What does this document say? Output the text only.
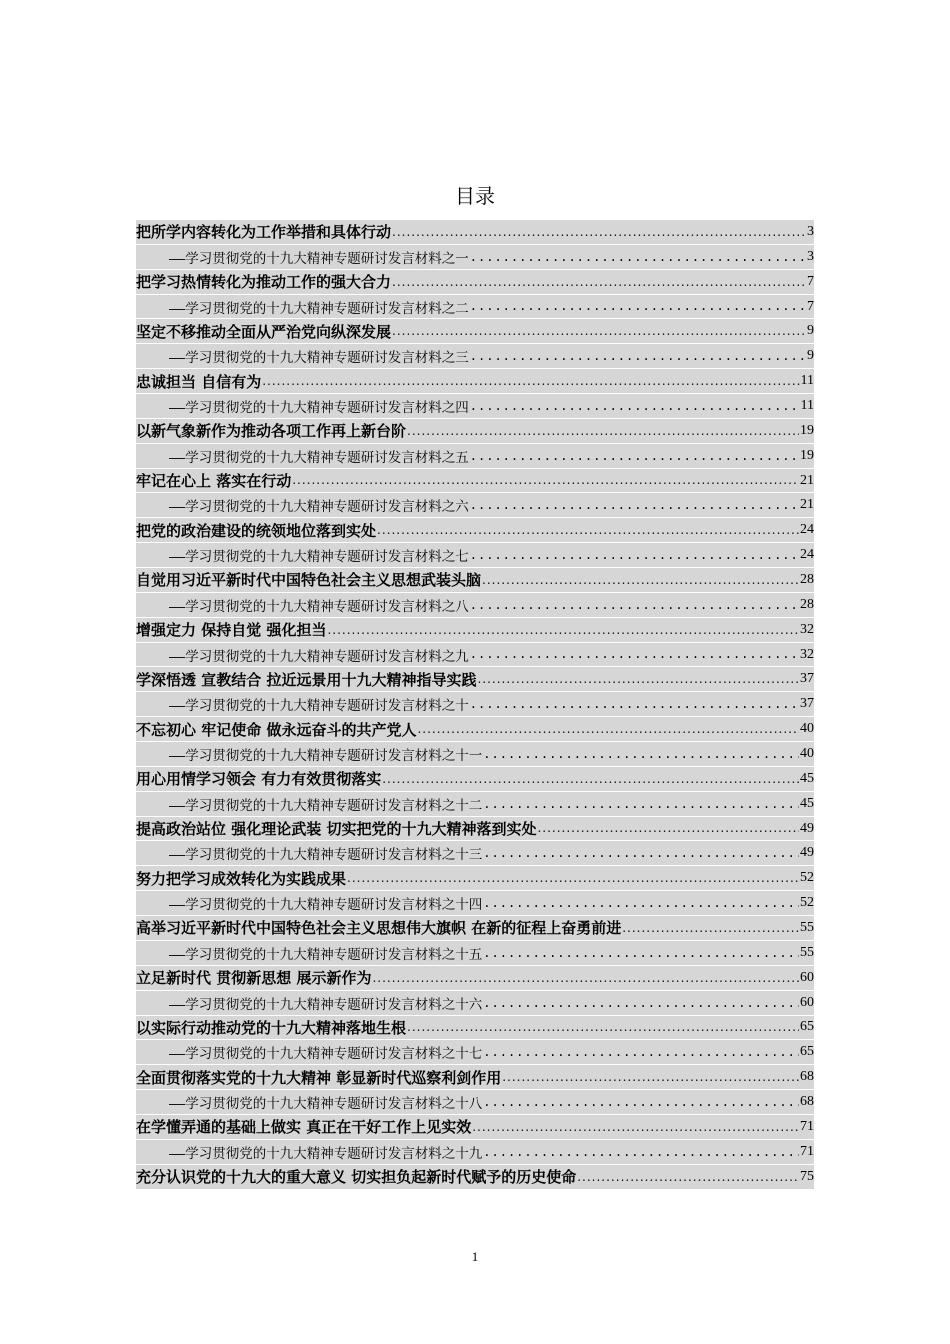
目录
把所学内容转化为工作举措和具体行动 .....	3
——学习贯彻党的十九大精神专题研讨发言材料之一 .....	3
把学习热情转化为推动工作的强大合力 .....	7
——学习贯彻党的十九大精神专题研讨发言材料之二 .....	7
坚定不移推动全面从严治党向纵深发展 .....	9
——学习贯彻党的十九大精神专题研讨发言材料之三 .....	9
忠诚担当 自信有为 .....	11
——学习贯彻党的十九大精神专题研讨发言材料之四 .....	11
以新气象新作为推动各项工作再上新台阶 .....	19
——学习贯彻党的十九大精神专题研讨发言材料之五 .....	19
牢记在心上 落实在行动 .....	21
——学习贯彻党的十九大精神专题研讨发言材料之六 .....	21
把党的政治建设的统领地位落到实处 .....	24
——学习贯彻党的十九大精神专题研讨发言材料之七 .....	24
自觉用习近平新时代中国特色社会主义思想武装头脑 .....	28
——学习贯彻党的十九大精神专题研讨发言材料之八 .....	28
增强定力 保持自觉 强化担当 .....	32
——学习贯彻党的十九大精神专题研讨发言材料之九 .....	32
学深悟透 宣教结合 拉近远景用十九大精神指导实践 .....	37
——学习贯彻党的十九大精神专题研讨发言材料之十 .....	37
不忘初心 牢记使命 做永远奋斗的共产党人 .....	40
——学习贯彻党的十九大精神专题研讨发言材料之十一 .....	40
用心用情学习领会 有力有效贯彻落实 .....	45
——学习贯彻党的十九大精神专题研讨发言材料之十二 .....	45
提高政治站位 强化理论武装 切实把党的十九大精神落到实处 .....	49
——学习贯彻党的十九大精神专题研讨发言材料之十三 .....	49
努力把学习成效转化为实践成果 .....	52
——学习贯彻党的十九大精神专题研讨发言材料之十四 .....	52
高举习近平新时代中国特色社会主义思想伟大旗帜 在新的征程上奋勇前进 .....	55
——学习贯彻党的十九大精神专题研讨发言材料之十五 .....	55
立足新时代 贯彻新思想 展示新作为 .....	60
——学习贯彻党的十九大精神专题研讨发言材料之十六 .....	60
以实际行动推动党的十九大精神落地生根 .....	65
——学习贯彻党的十九大精神专题研讨发言材料之十七 .....	65
全面贯彻落实党的十九大精神 彰显新时代巡察利剑作用 .....	68
——学习贯彻党的十九大精神专题研讨发言材料之十八 .....	68
在学懂弄通的基础上做实 真正在干好工作上见实效 .....	71
——学习贯彻党的十九大精神专题研讨发言材料之十九 .....	71
充分认识党的十九大的重大意义 切实担负起新时代赋予的历史使命 .....	75
1
